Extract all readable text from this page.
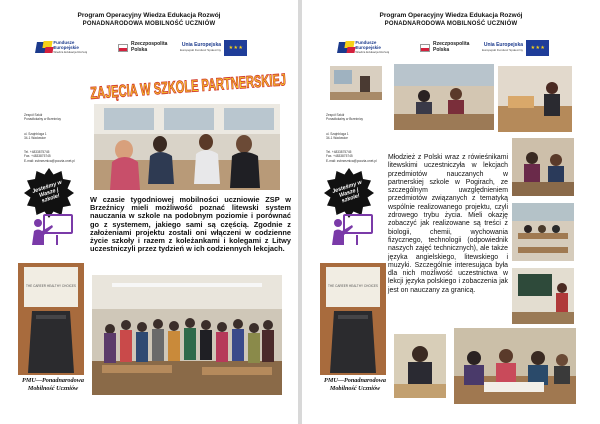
Program Operacyjny Wiedza Edukacja Rozwój
PONADNARODOWA MOBILNOŚĆ UCZNIÓW
Fundusze Europejskie
Wiedza Edukacja Rozwój
Rzeczpospolita
Polska
Unia Europejska
Europejski Fundusz Społeczny	★ ★ ★
ZAJĘCIA W SZKOLE PARTNERSKIEJ
Zespół Szkół
Ponadłokalny w Brzeźnicy
ul. Szajnbloga 1
34-1 Wadowice
Tel. +4833875745
Fax. +4833875745
E-mail: zsbrzeznica@poczta.onet.pl
Jesteśmy w Wasze j szkole!	W czasie tygodniowej mobilności uczniowie ZSP w Brzeźnicy mieli możliwość poznać litewski system nauczania w szkole na podobnym poziomie i porównać go z systemem, jakiego sami są częścią. Zgodnie z założeniami projektu zostali oni włączeni w codzienne życie szkoły i razem z koleżankami i kolegami z Litwy uczestniczyli przez tydzień w ich codziennych lekcjach.
THE CAREER HEALTHY CHOICES
PMU—Ponadnarodowa Mobilność Uczniów
Program Operacyjny Wiedza Edukacja Rozwój
PONADNARODOWA MOBILNOŚĆ UCZNIÓW
Fundusze Europejskie
Wiedza Edukacja Rozwój
Rzeczpospolita
Polska
Unia Europejska
Europejski Fundusz Społeczny	★ ★ ★
Zespół Szkół
Ponadłokalny w Brzeźnicy
ul. Szajnbloga 1
34-1 Wadowice
Tel. +4833875745
Fax. +4833875745
E-mail: zsbrzeznica@poczta.onet.pl
Jesteśmy w Wasze j szkole!
Młodzież z Polski wraz z rówieśnikami litewskimi uczestniczyła w lekcjach przedmiotów nauczanych w partnerskiej szkole w Pogirach, ze szczególnym uwzględnieniem przedmiotów związanych z tematyką wspólnie realizowanego projektu, czyli zdrowego trybu życia. Mieli okazję zobaczyć jak realizowane są treści z biologii, chemii, wychowania fizycznego, technologii (odpowiednik naszych zajęć technicznych), ale także języka angielskiego, litewskiego i muzyki. Szczególnie interesująca była dla nich możliwość uczestnictwa w lekcji języka polskiego i zobaczenia jak jest on nauczany za granicą.
THE CAREER HEALTHY CHOICES
PMU—Ponadnarodowa Mobilność Uczniów
